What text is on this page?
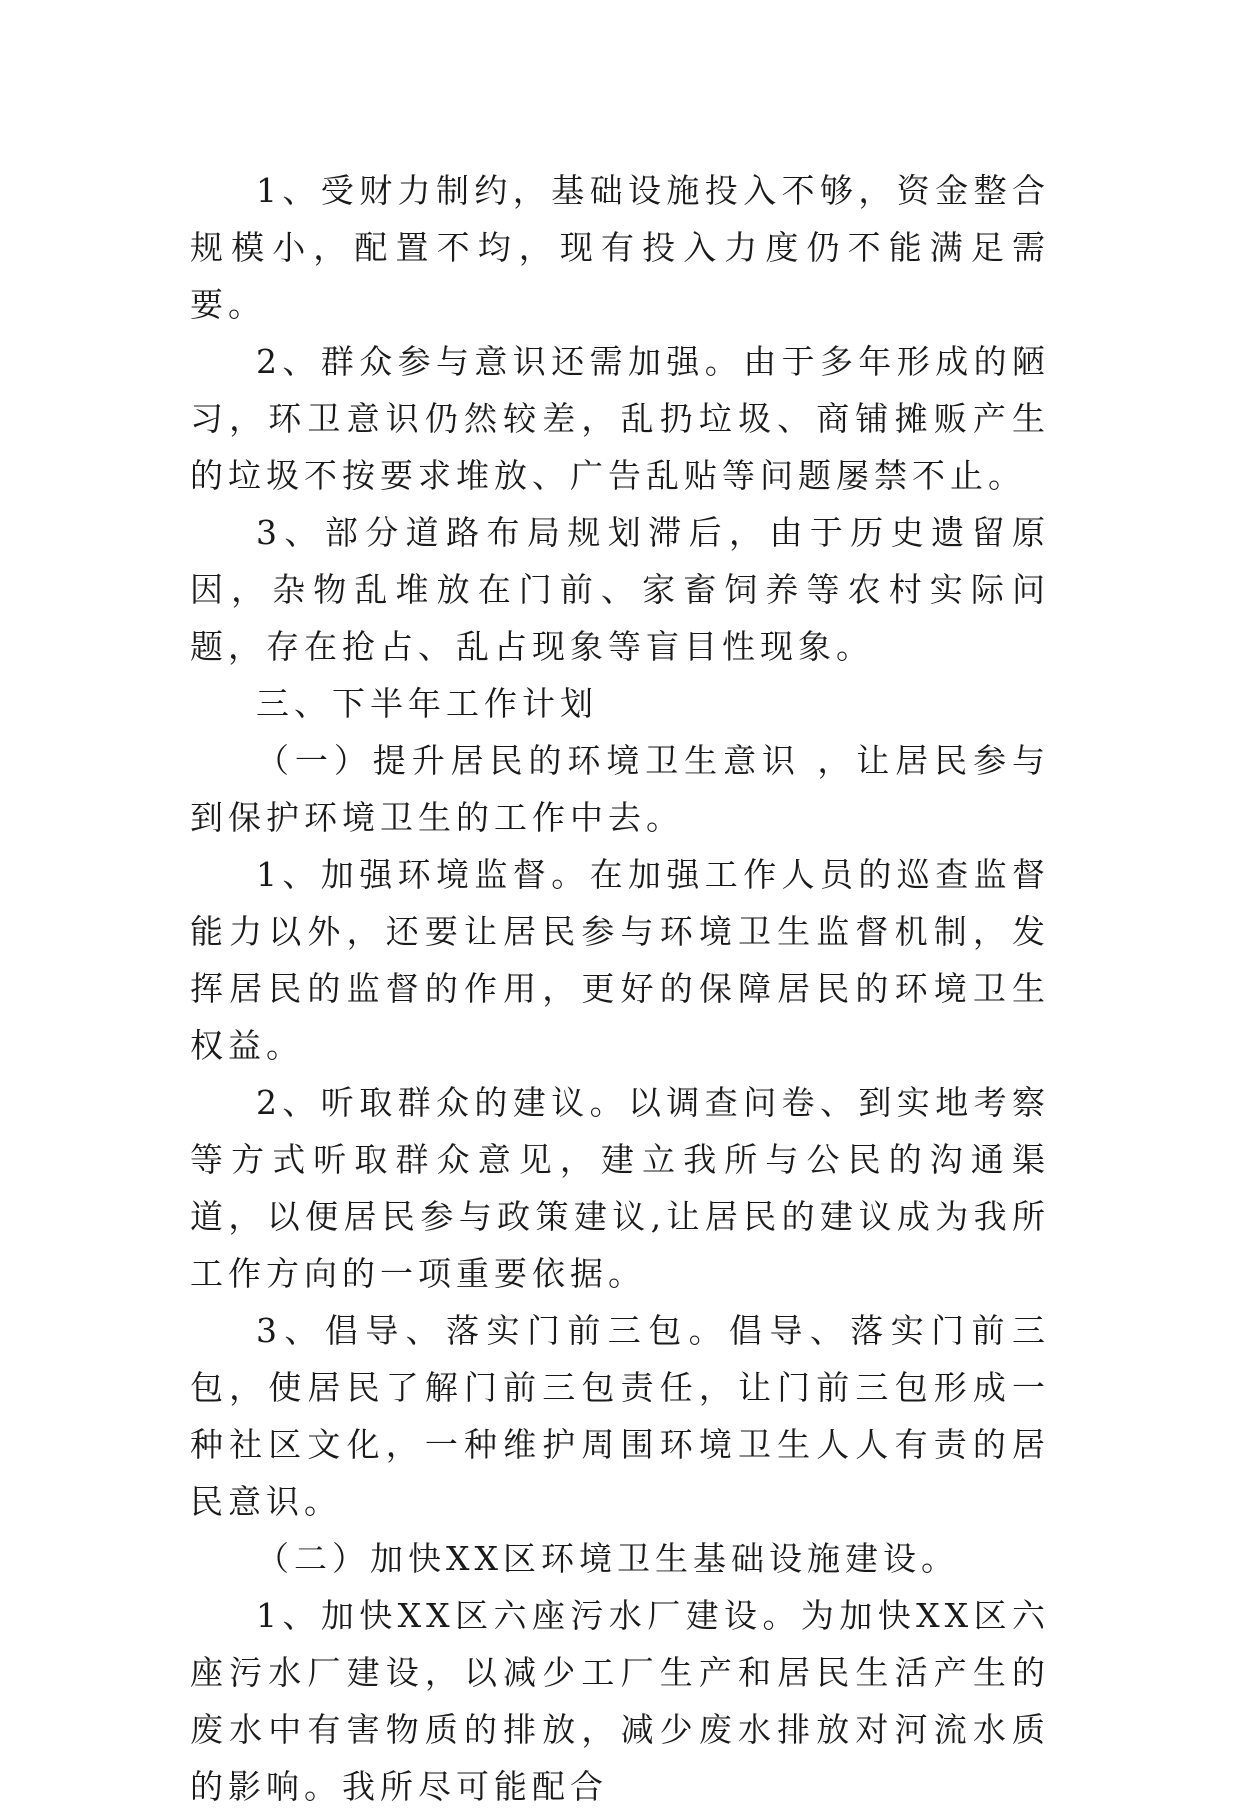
1、受财力制约，基础设施投入不够，资金整合规模小，配置不均，现有投入力度仍不能满足需要。

2、群众参与意识还需加强。由于多年形成的陋习，环卫意识仍然较差，乱扔垃圾、商铺摊贩产生的垃圾不按要求堆放、广告乱贴等问题屡禁不止。

3、部分道路布局规划滞后，由于历史遗留原因，杂物乱堆放在门前、家畜饲养等农村实际问题，存在抢占、乱占现象等盲目性现象。

三、下半年工作计划

（一）提升居民的环境卫生意识 ，让居民参与到保护环境卫生的工作中去。

1、加强环境监督。在加强工作人员的巡查监督能力以外，还要让居民参与环境卫生监督机制，发挥居民的监督的作用，更好的保障居民的环境卫生权益。

2、听取群众的建议。以调查问卷、到实地考察等方式听取群众意见，建立我所与公民的沟通渠道，以便居民参与政策建议,让居民的建议成为我所工作方向的一项重要依据。

3、倡导、落实门前三包。倡导、落实门前三包，使居民了解门前三包责任，让门前三包形成一种社区文化，一种维护周围环境卫生人人有责的居民意识。

（二）加快XX区环境卫生基础设施建设。

1、加快XX区六座污水厂建设。为加快XX区六座污水厂建设，以减少工厂生产和居民生活产生的废水中有害物质的排放，减少废水排放对河流水质的影响。我所尽可能配合
